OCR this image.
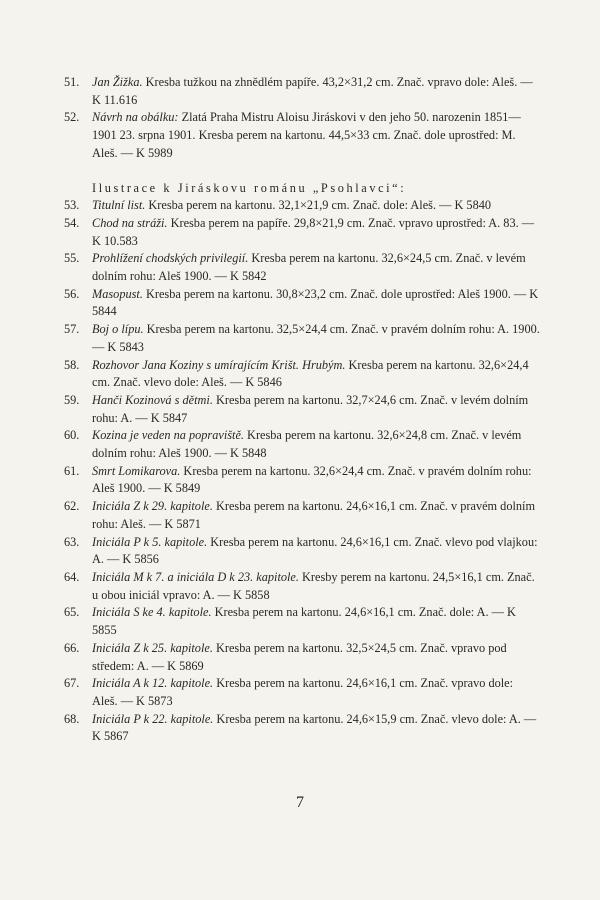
51. Jan Žižka. Kresba tužkou na zhnědlém papíře. 43,2×31,2 cm. Znač. vpravo dole: Aleš. — K 11.616
52. Návrh na obálku: Zlatá Praha Mistru Aloisu Jiráskovi v den jeho 50. narozenin 1851—1901 23. srpna 1901. Kresba perem na kartonu. 44,5×33 cm. Znač. dole uprostřed: M. Aleš. — K 5989
Ilustrace k Jiráskovu románu „Psohlavci“:
53. Titulní list. Kresba perem na kartonu. 32,1×21,9 cm. Znač. dole: Aleš. — K 5840
54. Chod na stráži. Kresba perem na papíře. 29,8×21,9 cm. Znač. vpravo uprostřed: A. 83. — K 10.583
55. Prohlížení chodských privilegií. Kresba perem na kartonu. 32,6×24,5 cm. Znač. v levém dolním rohu: Aleš 1900. — K 5842
56. Masopust. Kresba perem na kartonu. 30,8×23,2 cm. Znač. dole uprostřed: Aleš 1900. — K 5844
57. Boj o lípu. Kresba perem na kartonu. 32,5×24,4 cm. Znač. v pravém dolním rohu: A. 1900. — K 5843
58. Rozhovor Jana Koziny s umírajícím Krišt. Hrubým. Kresba perem na kartonu. 32,6×24,4 cm. Znač. vlevo dole: Aleš. — K 5846
59. Hanči Kozinová s dětmi. Kresba perem na kartonu. 32,7×24,6 cm. Znač. v levém dolním rohu: A. — K 5847
60. Kozina je veden na popraviště. Kresba perem na kartonu. 32,6×24,8 cm. Znač. v levém dolním rohu: Aleš 1900. — K 5848
61. Smrt Lomikarova. Kresba perem na kartonu. 32,6×24,4 cm. Znač. v pravém dolním rohu: Aleš 1900. — K 5849
62. Iniciála Z k 29. kapitole. Kresba perem na kartonu. 24,6×16,1 cm. Znač. v pravém dolním rohu: Aleš. — K 5871
63. Iniciála P k 5. kapitole. Kresba perem na kartonu. 24,6×16,1 cm. Znač. vlevo pod vlajkou: A. — K 5856
64. Iniciála M k 7. a iniciála D k 23. kapitole. Kresby perem na kartonu. 24,5×16,1 cm. Znač. u obou iniciál vpravo: A. — K 5858
65. Iniciála S ke 4. kapitole. Kresba perem na kartonu. 24,6×16,1 cm. Znač. dole: A. — K 5855
66. Iniciála Z k 25. kapitole. Kresba perem na kartonu. 32,5×24,5 cm. Znač. vpravo pod středem: A. — K 5869
67. Iniciála A k 12. kapitole. Kresba perem na kartonu. 24,6×16,1 cm. Znač. vpravo dole: Aleš. — K 5873
68. Iniciála P k 22. kapitole. Kresba perem na kartonu. 24,6×15,9 cm. Znač. vlevo dole: A. — K 5867
7
